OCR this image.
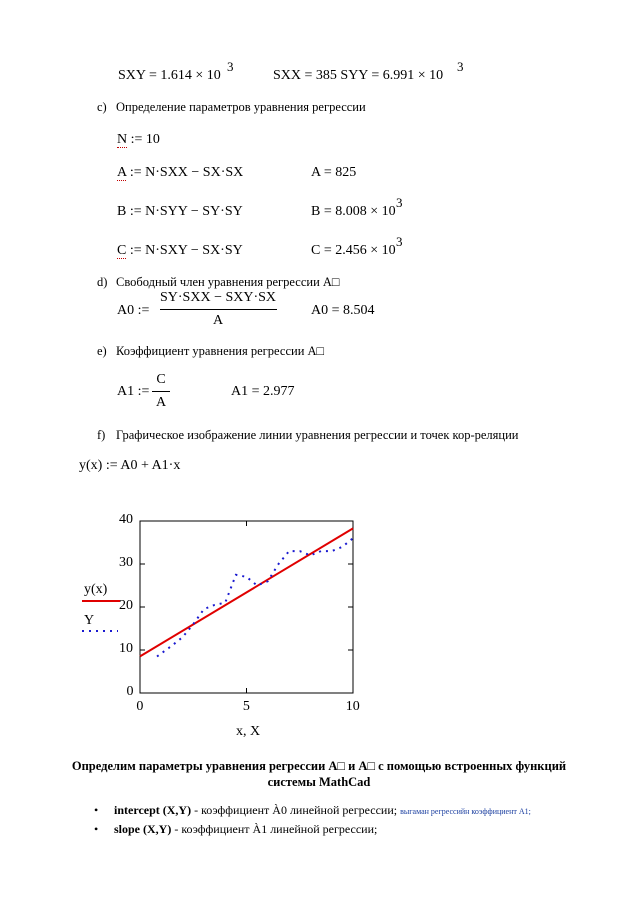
SXY = 1.614 × 10
3
SXX = 385 SYY = 6.991 × 10
3
c) Определение параметров уравнения регрессии
N := 10
A := N·SXX − SX·SX	A = 825
B := N·SYY − SY·SY	B = 8.008 × 10
3
C := N·SXY − SX·SY	C = 2.456 × 10
3
d) Свободный член уравнения регрессии А□
A0 :=
SY·SXX − SXY·SX
A
A0 = 8.504
e) Коэффициент уравнения регрессии А□
A1 :=
C
A
A1 = 2.977
f) Графическое изображение линии уравнения регрессии и точек кор-реляции
y(x) := A0 + A1·x
0
10
20
30
40
0	5	10
x, X
y(x)
Y
Определим параметры уравнения регрессии А□ и А□ с помощью встроенных функций
системы MathCad
• intercept (X,Y) - коэффициент À0 линейной регрессии; выгаман регрессийн коэффициент A1;
• slope (X,Y) - коэффициент À1 линейной регрессии;
